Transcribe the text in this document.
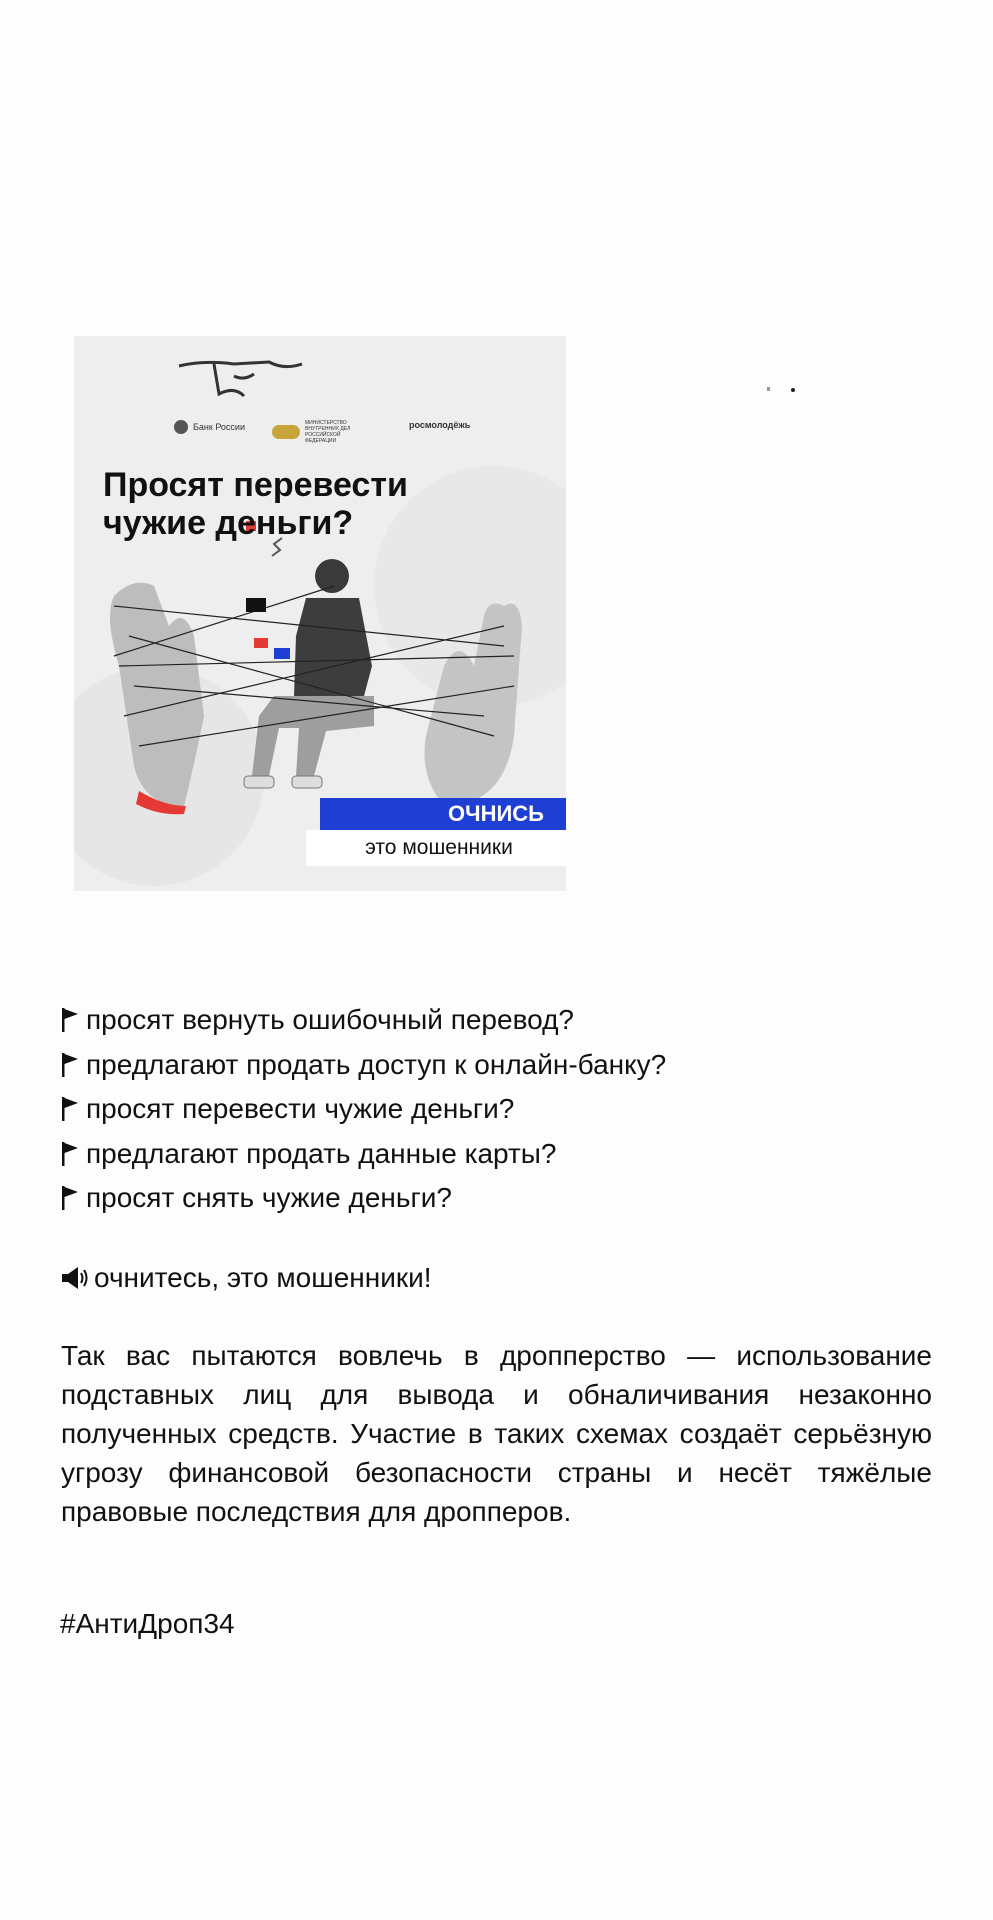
Банк России	МИНИСТЕРСТВО ВНУТРЕННИХ ДЕЛ РОССИЙСКОЙ ФЕДЕРАЦИИ
росмолодёжь
Просят перевести
чужие деньги?
ОЧНИСЬ
это мошенники
просят вернуть ошибочный перевод?
предлагают продать доступ к онлайн-банку?
просят перевести чужие деньги?
предлагают продать данные карты?
просят снять чужие деньги?
очнитесь, это мошенники!

Так вас пытаются вовлечь в дропперство — использование подставных лиц для вывода и обналичивания незаконно полученных средств. Участие в таких схемах создаёт серьёзную угрозу финансовой безопасности страны и несёт тяжёлые правовые последствия для дропперов.

#АнтиДроп34
